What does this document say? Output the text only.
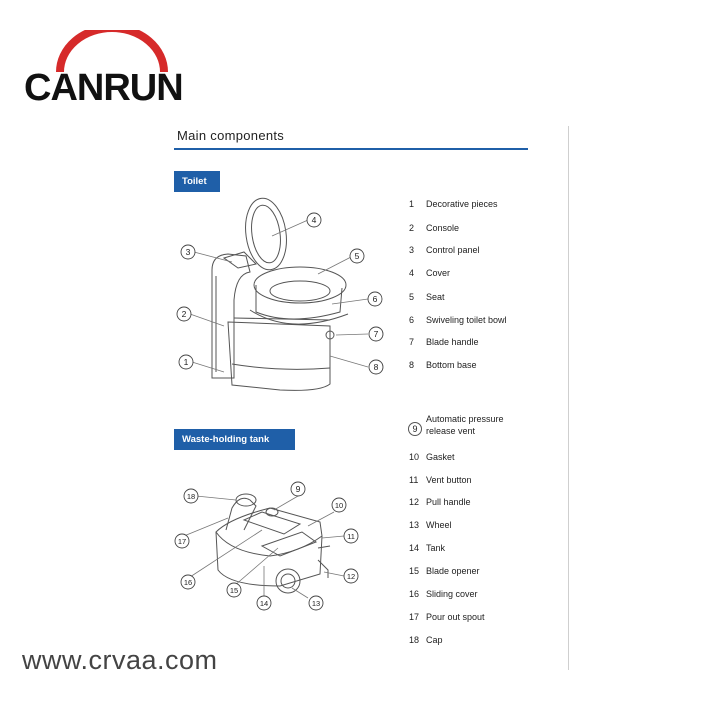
CANRUN
Main components
Toilet
Waste-holding tank
1
2
3
4
5
6
7
8
9
10
11
12
13
14
15
16
17
18
1 Decorative pieces
2 Console
3 Control panel
4 Cover
5 Seat
6 Swiveling toilet bowl
7 Blade handle
8 Bottom base
9
Automatic pressure
release vent
10 Gasket
11 Vent button
12 Pull handle
13 Wheel
14 Tank
15 Blade opener
16 Sliding cover
17 Pour out spout
18 Cap
www.crvaa.com
